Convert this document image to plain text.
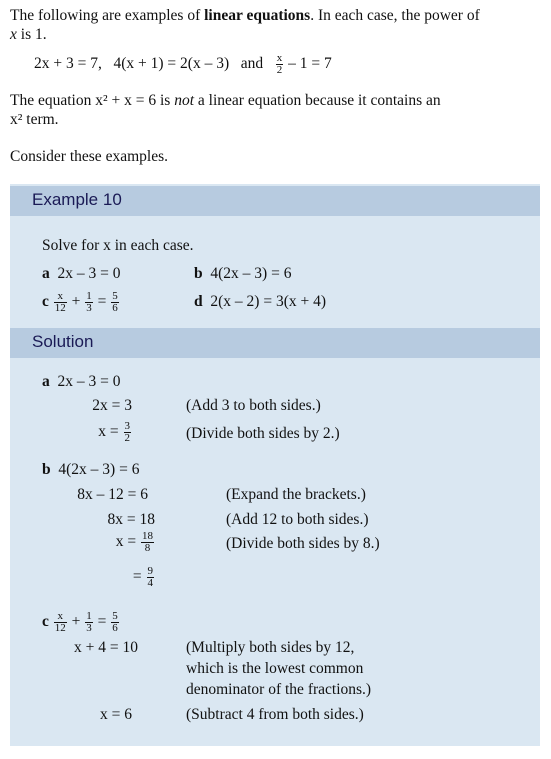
The following are examples of linear equations. In each case, the power of
x is 1.
2x + 3 = 7, 4(x + 1) = 2(x – 3) and $\frac{x}{2} - 1 = 7$
The equation x² + x = 6 is not a linear equation because it contains an
x² term.
Consider these examples.
Example 10
Solve for x in each case.
a 2x – 3 = 0	b 4(2x – 3) = 6
c $\frac{x}{12} + \frac{1}{3} = \frac{5}{6}$	d 2(x – 2) = 3(x + 4)
Solution
a 2x – 3 = 0
2x = 3	(Add 3 to both sides.)
$x = \frac{3}{2}$	(Divide both sides by 2.)
b 4(2x – 3) = 6
8x – 12 = 6	(Expand the brackets.)
8x = 18	(Add 12 to both sides.)
$x = \frac{18}{8}$	(Divide both sides by 8.)
= $\frac{9}{4}$
c $\frac{x}{12} + \frac{1}{3} = \frac{5}{6}$
x + 4 = 10	(Multiply both sides by 12,
which is the lowest common
denominator of the fractions.)
x = 6	(Subtract 4 from both sides.)
